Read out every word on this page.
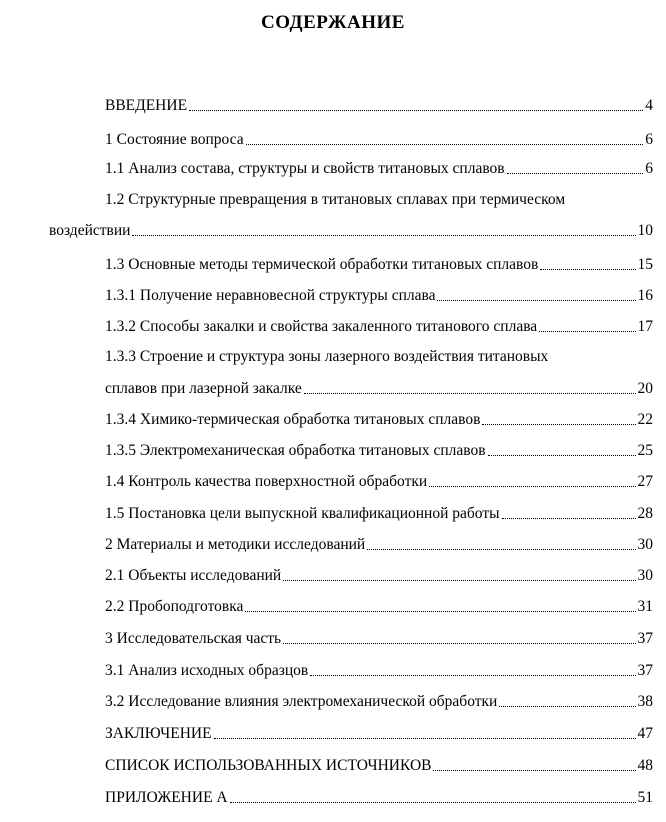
СОДЕРЖАНИЕ
ВВЕДЕНИЕ	4
1 Состояние вопроса	6
1.1 Анализ состава, структуры и свойств титановых сплавов	6
1.2 Структурные превращения в титановых сплавах при термическом
воздействии	10
1.3 Основные методы термической обработки титановых сплавов	15
1.3.1 Получение неравновесной структуры сплава	16
1.3.2 Способы закалки и свойства закаленного титанового сплава	17
1.3.3 Строение и структура зоны лазерного воздействия титановых
сплавов при лазерной закалке	20
1.3.4 Химико-термическая обработка титановых сплавов	22
1.3.5 Электромеханическая обработка титановых сплавов	25
1.4 Контроль качества поверхностной обработки	27
1.5 Постановка цели выпускной квалификационной работы	28
2 Материалы и методики исследований	30
2.1 Объекты исследований	30
2.2 Пробоподготовка	31
3 Исследовательская часть	37
3.1 Анализ исходных образцов	37
3.2 Исследование влияния электромеханической обработки	38
ЗАКЛЮЧЕНИЕ	47
СПИСОК ИСПОЛЬЗОВАННЫХ ИСТОЧНИКОВ	48
ПРИЛОЖЕНИЕ А	51
